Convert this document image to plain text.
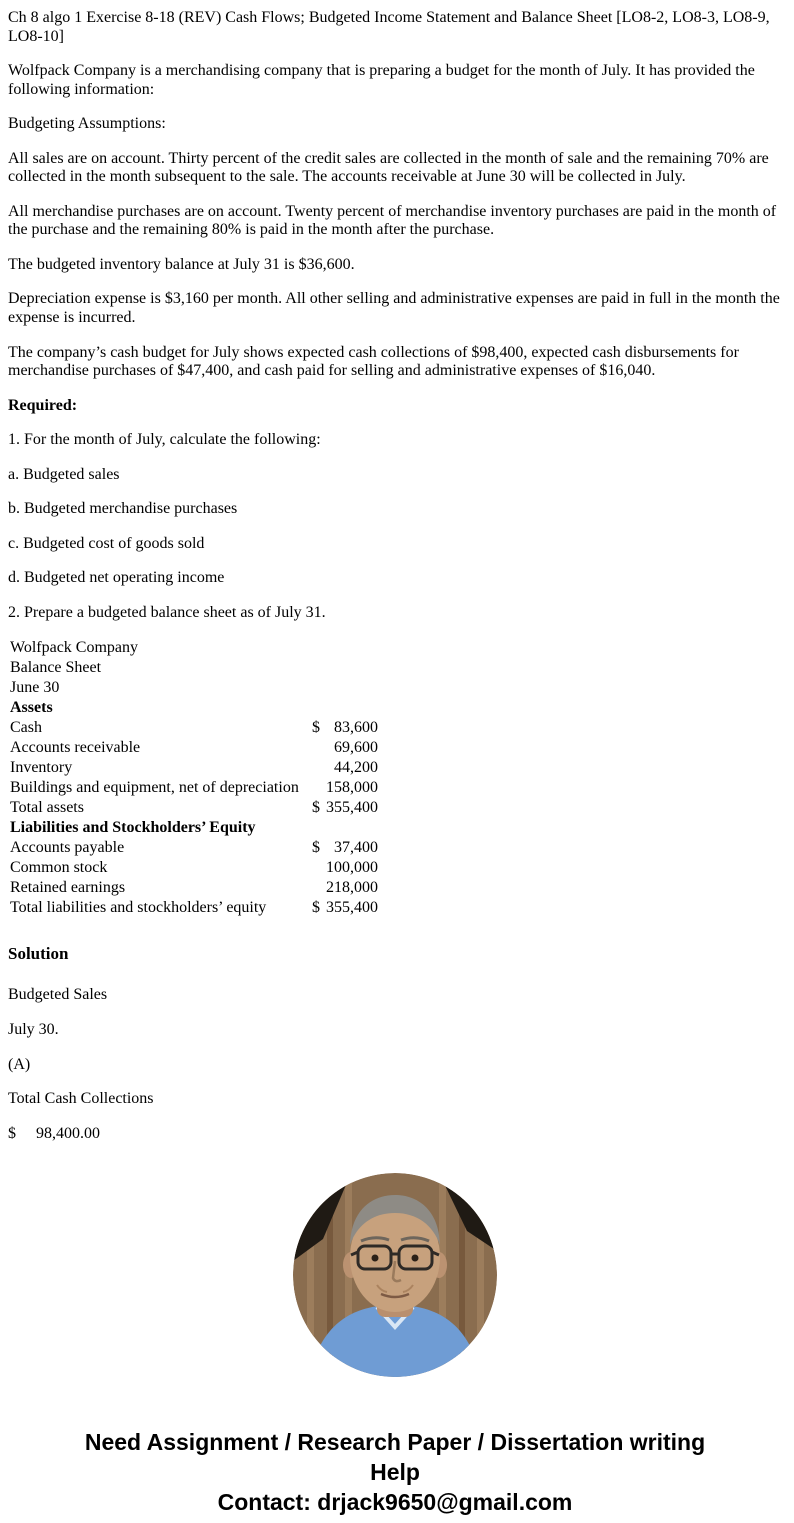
Ch 8 algo 1 Exercise 8-18 (REV) Cash Flows; Budgeted Income Statement and Balance Sheet [LO8-2, LO8-3, LO8-9, LO8-10]

Wolfpack Company is a merchandising company that is preparing a budget for the month of July. It has provided the following information:

Budgeting Assumptions:

All sales are on account. Thirty percent of the credit sales are collected in the month of sale and the remaining 70% are collected in the month subsequent to the sale. The accounts receivable at June 30 will be collected in July.

All merchandise purchases are on account. Twenty percent of merchandise inventory purchases are paid in the month of the purchase and the remaining 80% is paid in the month after the purchase.

The budgeted inventory balance at July 31 is $36,600.

Depreciation expense is $3,160 per month. All other selling and administrative expenses are paid in full in the month the expense is incurred.

The company’s cash budget for July shows expected cash collections of $98,400, expected cash disbursements for merchandise purchases of $47,400, and cash paid for selling and administrative expenses of $16,040.

Required:

1. For the month of July, calculate the following:

a. Budgeted sales

b. Budgeted merchandise purchases

c. Budgeted cost of goods sold

d. Budgeted net operating income

2. Prepare a budgeted balance sheet as of July 31.

Wolfpack Company
Balance Sheet
June 30
Assets
Cash	$ 83,600
Accounts receivable	69,600
Inventory	44,200
Buildings and equipment, net of depreciation	158,000
Total assets	$ 355,400
Liabilities and Stockholders’ Equity
Accounts payable	$ 37,400
Common stock	100,000
Retained earnings	218,000
Total liabilities and stockholders’ equity	$ 355,400
Solution

Budgeted Sales

July 30.

(A)

Total Cash Collections

$ 98,400.00
Need Assignment / Research Paper / Dissertation writing Help
Contact: drjack9650@gmail.com
